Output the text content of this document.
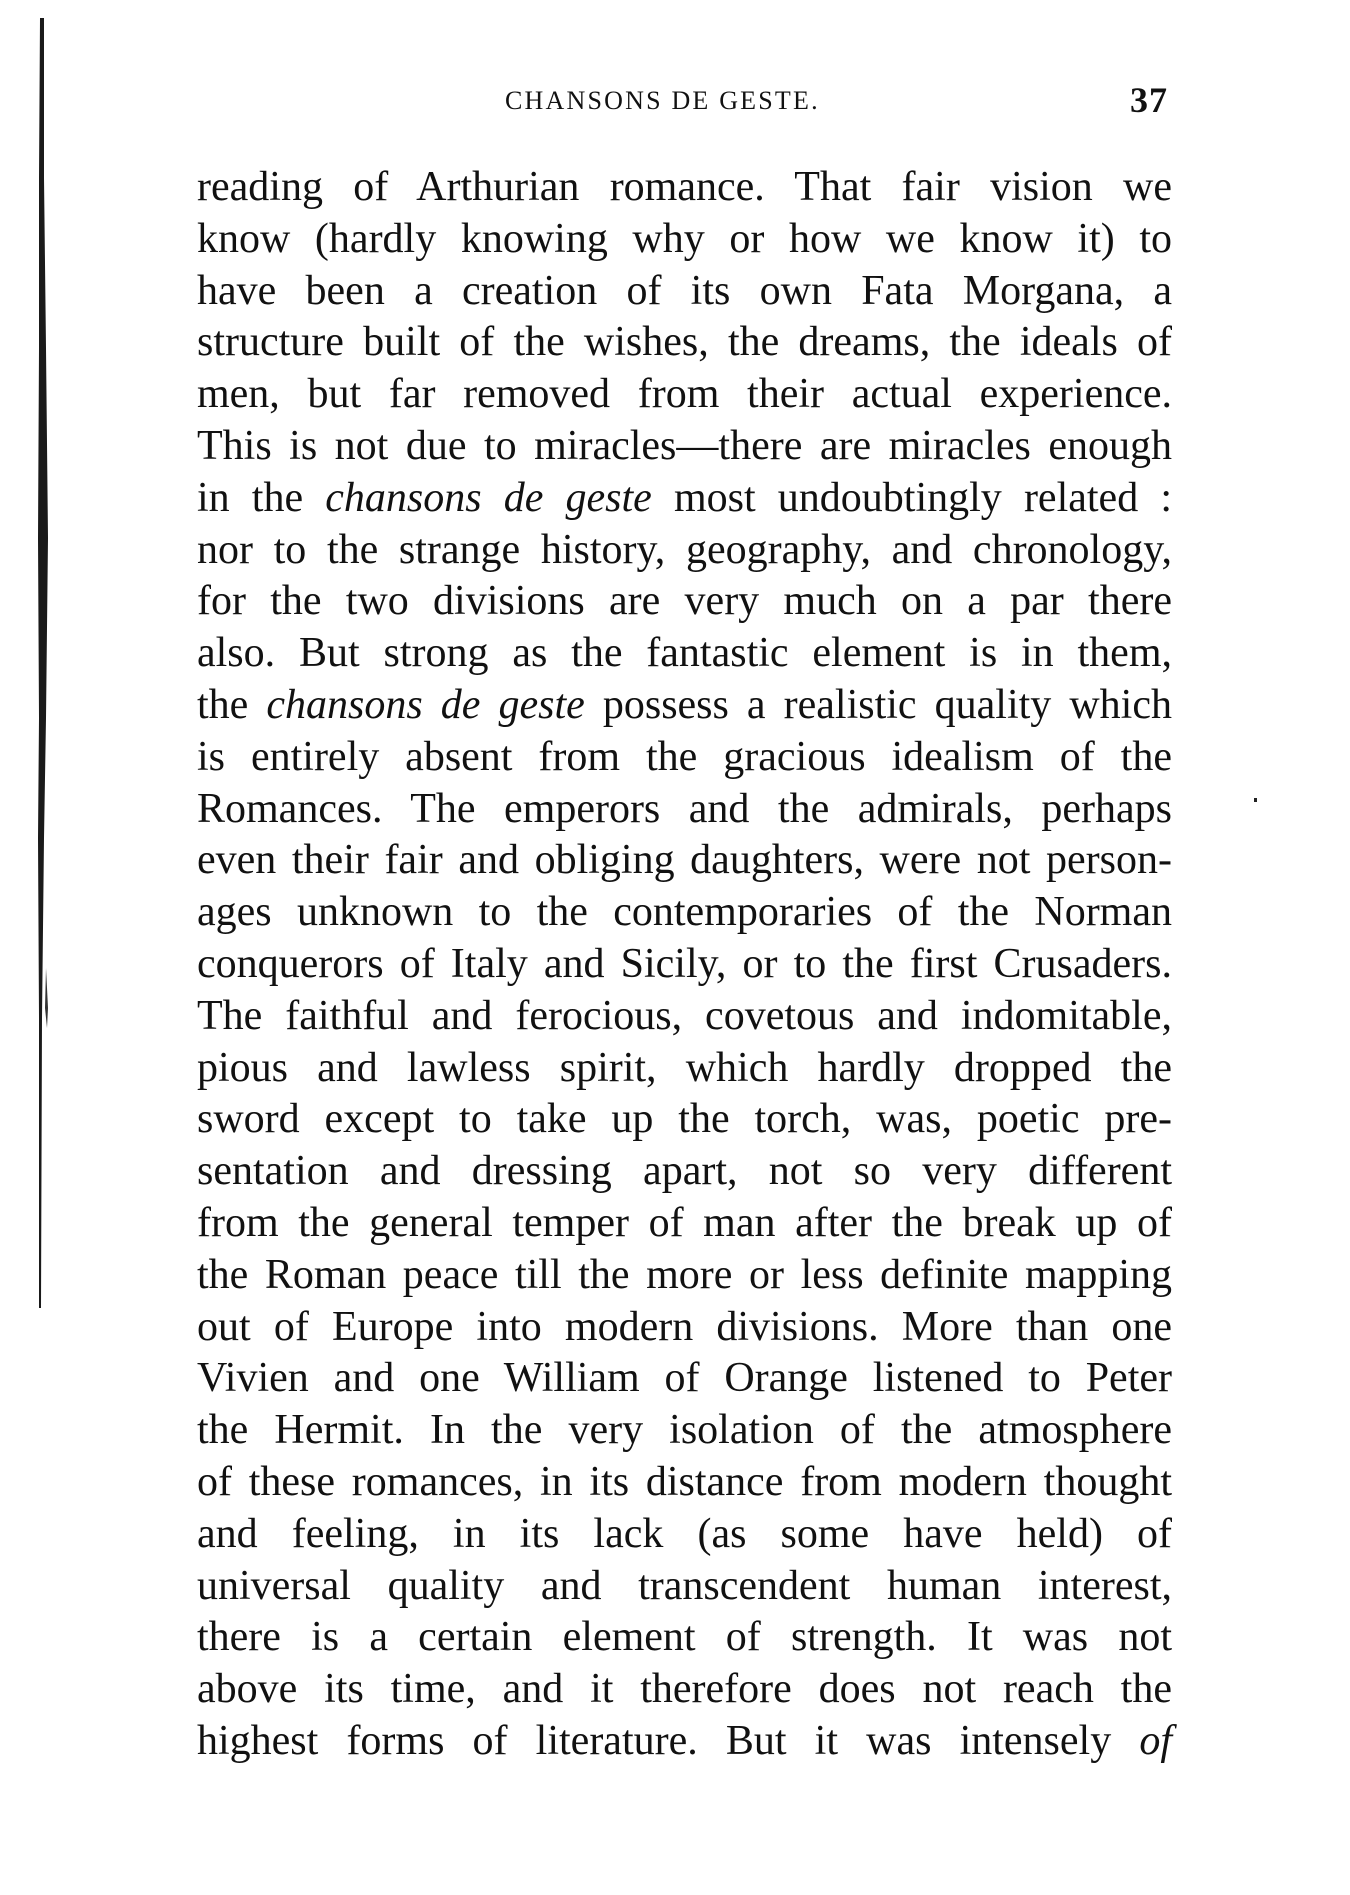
CHANSONS DE GESTE.	37
reading of Arthurian romance. That fair vision we
know (hardly knowing why or how we know it) to
have been a creation of its own Fata Morgana, a
structure built of the wishes, the dreams, the ideals of
men, but far removed from their actual experience.
This is not due to miracles—there are miracles enough
in the chansons de geste most undoubtingly related :
nor to the strange history, geography, and chronology,
for the two divisions are very much on a par there
also. But strong as the fantastic element is in them,
the chansons de geste possess a realistic quality which
is entirely absent from the gracious idealism of the
Romances. The emperors and the admirals, perhaps
even their fair and obliging daughters, were not person-
ages unknown to the contemporaries of the Norman
conquerors of Italy and Sicily, or to the first Crusaders.
The faithful and ferocious, covetous and indomitable,
pious and lawless spirit, which hardly dropped the
sword except to take up the torch, was, poetic pre-
sentation and dressing apart, not so very different
from the general temper of man after the break up of
the Roman peace till the more or less definite mapping
out of Europe into modern divisions. More than one
Vivien and one William of Orange listened to Peter
the Hermit. In the very isolation of the atmosphere
of these romances, in its distance from modern thought
and feeling, in its lack (as some have held) of
universal quality and transcendent human interest,
there is a certain element of strength. It was not
above its time, and it therefore does not reach the
highest forms of literature. But it was intensely of
